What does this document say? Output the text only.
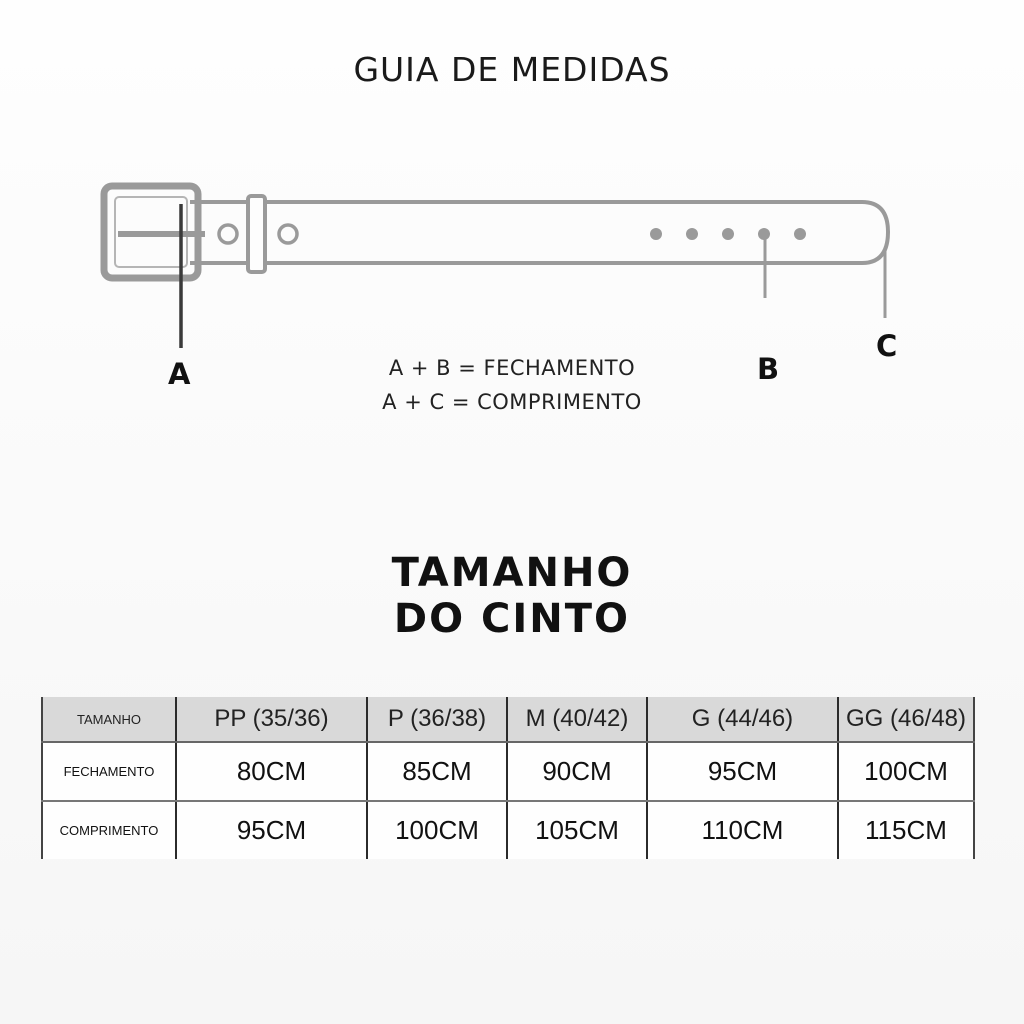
GUIA DE MEDIDAS
A	B
C
A + B = FECHAMENTO
A + C = COMPRIMENTO
TAMANHO
DO CINTO
TAMANHO	PP (35/36)	P (36/38)	M (40/42)	G (44/46)	GG (46/48)
FECHAMENTO	80CM	85CM	90CM	95CM	100CM
COMPRIMENTO	95CM	100CM	105CM	110CM	115CM
